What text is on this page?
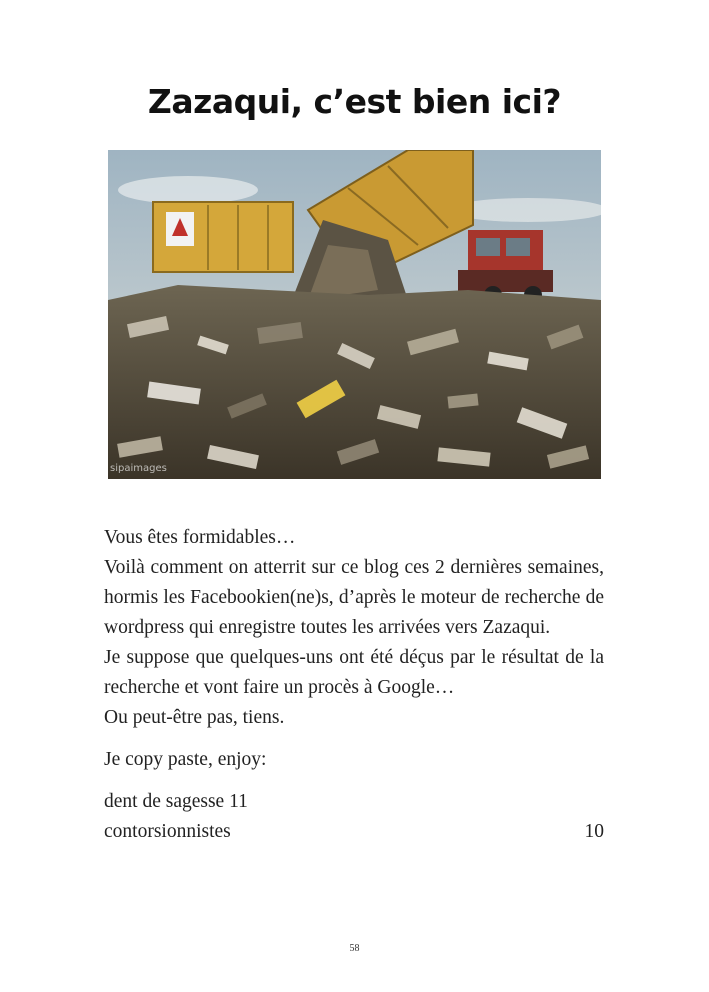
Zazaqui, c’est bien ici?
sipaimages

Vous êtes formidables…

Voilà comment on atterrit sur ce blog ces 2 dernières semaines, hormis les Facebookien(ne)s, d’après le moteur de recherche de wordpress qui enregistre toutes les arrivées vers Zazaqui.

Je suppose que quelques-uns ont été déçus par le résultat de la recherche et vont faire un procès à Google…

Ou peut-être pas, tiens.

Je copy paste, enjoy:

dent de sagesse 11

contorsionnistes	10

58
